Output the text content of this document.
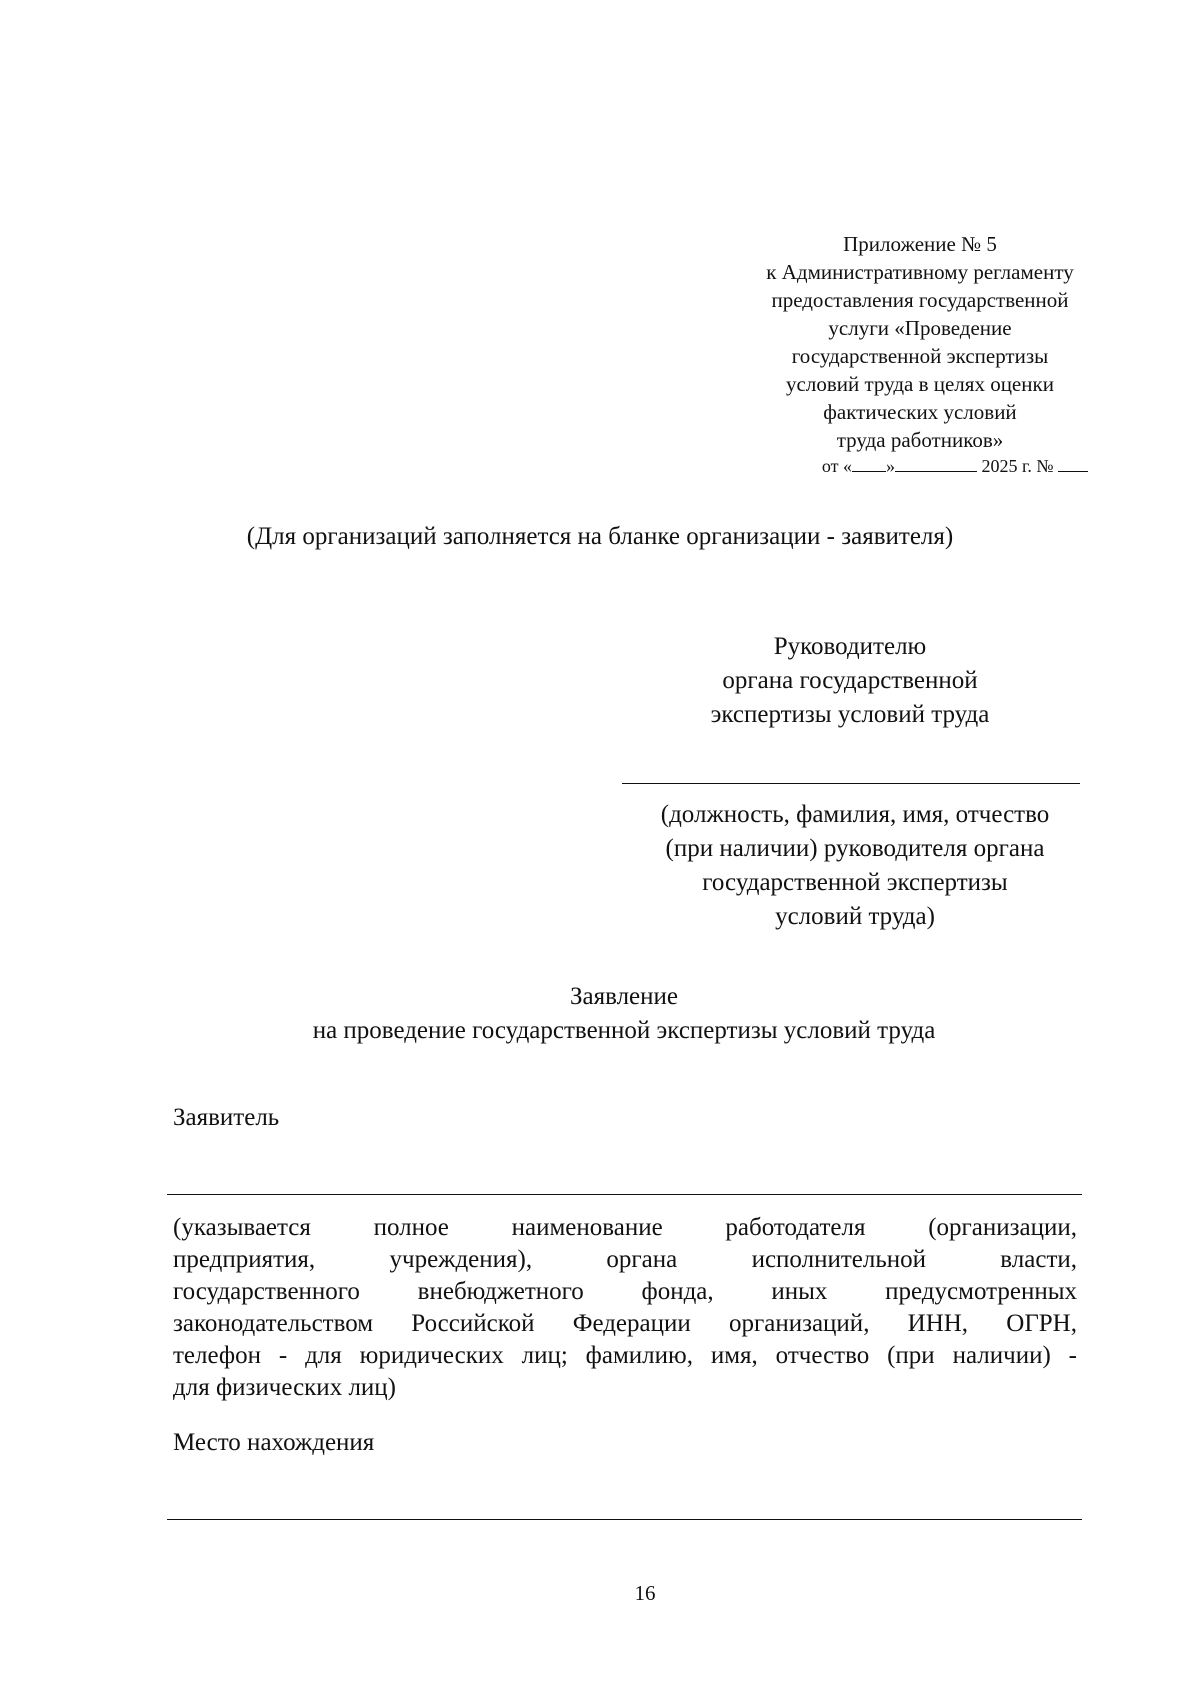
Приложение № 5
к Административному регламенту
предоставления государственной
услуги «Проведение
государственной экспертизы
условий труда в целях оценки
фактических условий
труда работников»
от « »	2025 г. №
(Для организаций заполняется на бланке организации - заявителя)
Руководителю
органа государственной
экспертизы условий труда
(должность, фамилия, имя, отчество
(при наличии) руководителя органа
государственной экспертизы
условий труда)
Заявление
на проведение государственной экспертизы условий труда
Заявитель
(указывается полное наименование работодателя (организации,
предприятия, учреждения), органа исполнительной власти,
государственного внебюджетного фонда, иных предусмотренных
законодательством Российской Федерации организаций, ИНН, ОГРН,
телефон - для юридических лиц; фамилию, имя, отчество (при наличии) -
для физических лиц)
Место нахождения
16
